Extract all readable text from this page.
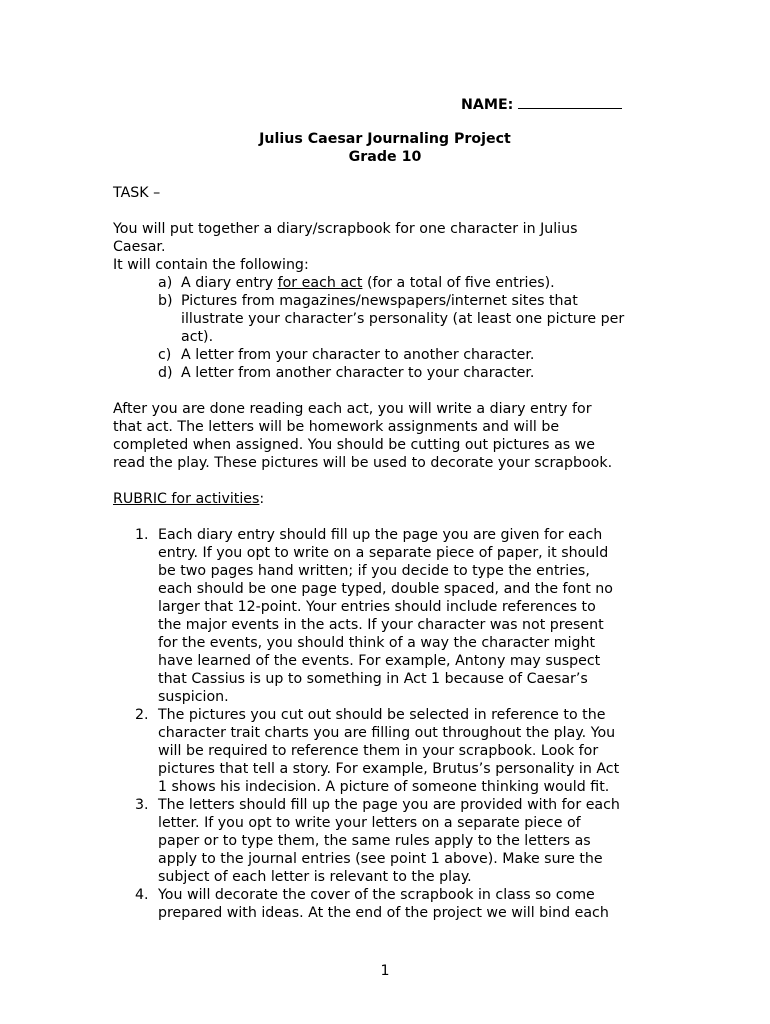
NAME:
Julius Caesar Journaling Project
Grade 10

TASK –

You will put together a diary/scrapbook for one character in Julius
Caesar.
It will contain the following:
a) A diary entry for each act (for a total of five entries).
b) Pictures from magazines/newspapers/internet sites that
illustrate your character’s personality (at least one picture per
act).
c) A letter from your character to another character.
d) A letter from another character to your character.
After you are done reading each act, you will write a diary entry for
that act. The letters will be homework assignments and will be
completed when assigned. You should be cutting out pictures as we
read the play. These pictures will be used to decorate your scrapbook.
RUBRIC for activities:
1. Each diary entry should fill up the page you are given for each
entry. If you opt to write on a separate piece of paper, it should
be two pages hand written; if you decide to type the entries,
each should be one page typed, double spaced, and the font no
larger that 12-point. Your entries should include references to
the major events in the acts. If your character was not present
for the events, you should think of a way the character might
have learned of the events. For example, Antony may suspect
that Cassius is up to something in Act 1 because of Caesar’s
suspicion.
2. The pictures you cut out should be selected in reference to the
character trait charts you are filling out throughout the play. You
will be required to reference them in your scrapbook. Look for
pictures that tell a story. For example, Brutus’s personality in Act
1 shows his indecision. A picture of someone thinking would fit.
3. The letters should fill up the page you are provided with for each
letter. If you opt to write your letters on a separate piece of
paper or to type them, the same rules apply to the letters as
apply to the journal entries (see point 1 above). Make sure the
subject of each letter is relevant to the play.
4. You will decorate the cover of the scrapbook in class so come
prepared with ideas. At the end of the project we will bind each
1
